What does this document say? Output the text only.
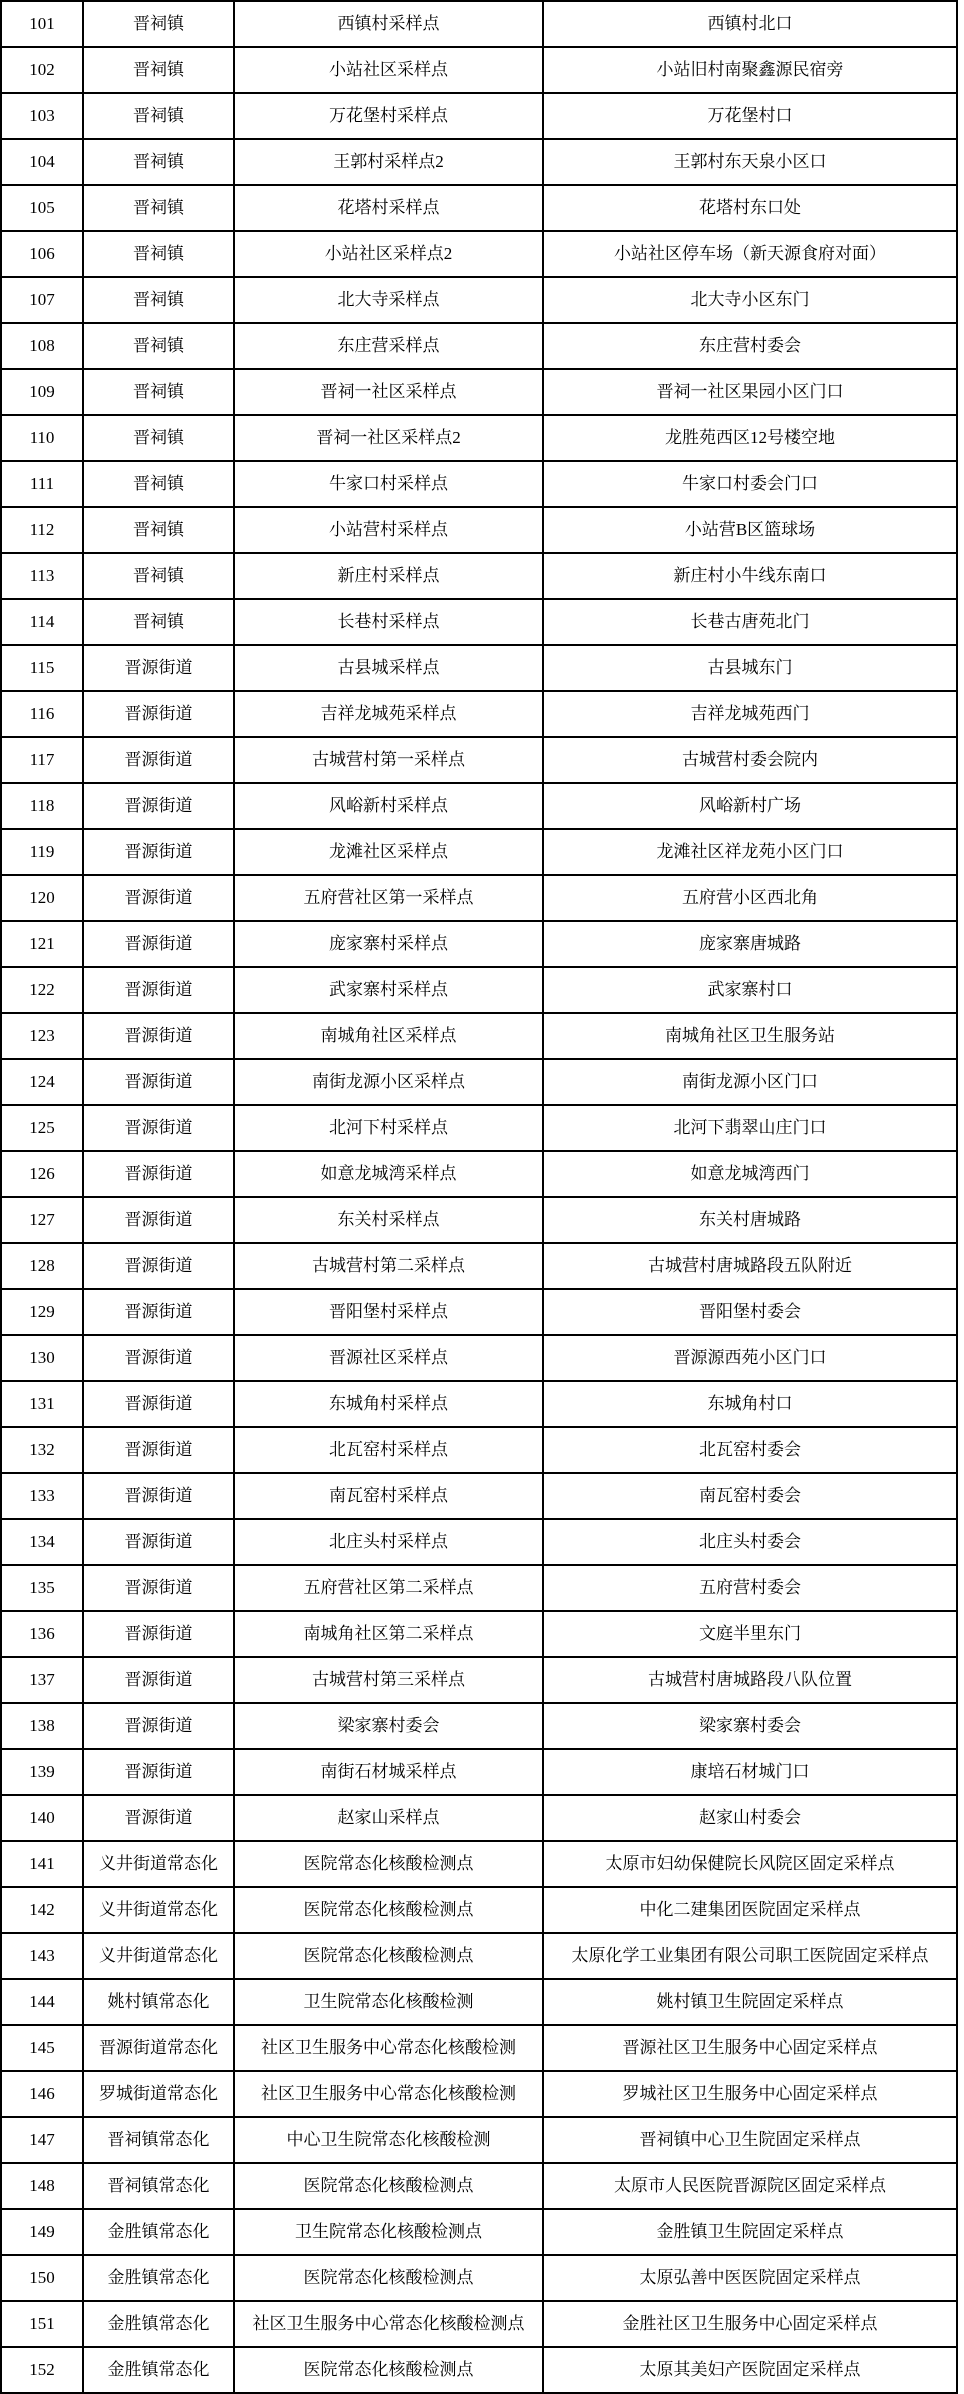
101	晋祠镇	西镇村采样点	西镇村北口
102	晋祠镇	小站社区采样点	小站旧村南聚鑫源民宿旁
103	晋祠镇	万花堡村采样点	万花堡村口
104	晋祠镇	王郭村采样点2	王郭村东天泉小区口
105	晋祠镇	花塔村采样点	花塔村东口处
106	晋祠镇	小站社区采样点2	小站社区停车场（新天源食府对面）
107	晋祠镇	北大寺采样点	北大寺小区东门
108	晋祠镇	东庄营采样点	东庄营村委会
109	晋祠镇	晋祠一社区采样点	晋祠一社区果园小区门口
110	晋祠镇	晋祠一社区采样点2	龙胜苑西区12号楼空地
111	晋祠镇	牛家口村采样点	牛家口村委会门口
112	晋祠镇	小站营村采样点	小站营B区篮球场
113	晋祠镇	新庄村采样点	新庄村小牛线东南口
114	晋祠镇	长巷村采样点	长巷古唐苑北门
115	晋源街道	古县城采样点	古县城东门
116	晋源街道	吉祥龙城苑采样点	吉祥龙城苑西门
117	晋源街道	古城营村第一采样点	古城营村委会院内
118	晋源街道	风峪新村采样点	风峪新村广场
119	晋源街道	龙滩社区采样点	龙滩社区祥龙苑小区门口
120	晋源街道	五府营社区第一采样点	五府营小区西北角
121	晋源街道	庞家寨村采样点	庞家寨唐城路
122	晋源街道	武家寨村采样点	武家寨村口
123	晋源街道	南城角社区采样点	南城角社区卫生服务站
124	晋源街道	南街龙源小区采样点	南街龙源小区门口
125	晋源街道	北河下村采样点	北河下翡翠山庄门口
126	晋源街道	如意龙城湾采样点	如意龙城湾西门
127	晋源街道	东关村采样点	东关村唐城路
128	晋源街道	古城营村第二采样点	古城营村唐城路段五队附近
129	晋源街道	晋阳堡村采样点	晋阳堡村委会
130	晋源街道	晋源社区采样点	晋源源西苑小区门口
131	晋源街道	东城角村采样点	东城角村口
132	晋源街道	北瓦窑村采样点	北瓦窑村委会
133	晋源街道	南瓦窑村采样点	南瓦窑村委会
134	晋源街道	北庄头村采样点	北庄头村委会
135	晋源街道	五府营社区第二采样点	五府营村委会
136	晋源街道	南城角社区第二采样点	文庭半里东门
137	晋源街道	古城营村第三采样点	古城营村唐城路段八队位置
138	晋源街道	梁家寨村委会	梁家寨村委会
139	晋源街道	南街石材城采样点	康培石材城门口
140	晋源街道	赵家山采样点	赵家山村委会
141	义井街道常态化	医院常态化核酸检测点	太原市妇幼保健院长风院区固定采样点
142	义井街道常态化	医院常态化核酸检测点	中化二建集团医院固定采样点
143	义井街道常态化	医院常态化核酸检测点	太原化学工业集团有限公司职工医院固定采样点
144	姚村镇常态化	卫生院常态化核酸检测	姚村镇卫生院固定采样点
145	晋源街道常态化	社区卫生服务中心常态化核酸检测	晋源社区卫生服务中心固定采样点
146	罗城街道常态化	社区卫生服务中心常态化核酸检测	罗城社区卫生服务中心固定采样点
147	晋祠镇常态化	中心卫生院常态化核酸检测	晋祠镇中心卫生院固定采样点
148	晋祠镇常态化	医院常态化核酸检测点	太原市人民医院晋源院区固定采样点
149	金胜镇常态化	卫生院常态化核酸检测点	金胜镇卫生院固定采样点
150	金胜镇常态化	医院常态化核酸检测点	太原弘善中医医院固定采样点
151	金胜镇常态化	社区卫生服务中心常态化核酸检测点	金胜社区卫生服务中心固定采样点
152	金胜镇常态化	医院常态化核酸检测点	太原其美妇产医院固定采样点
